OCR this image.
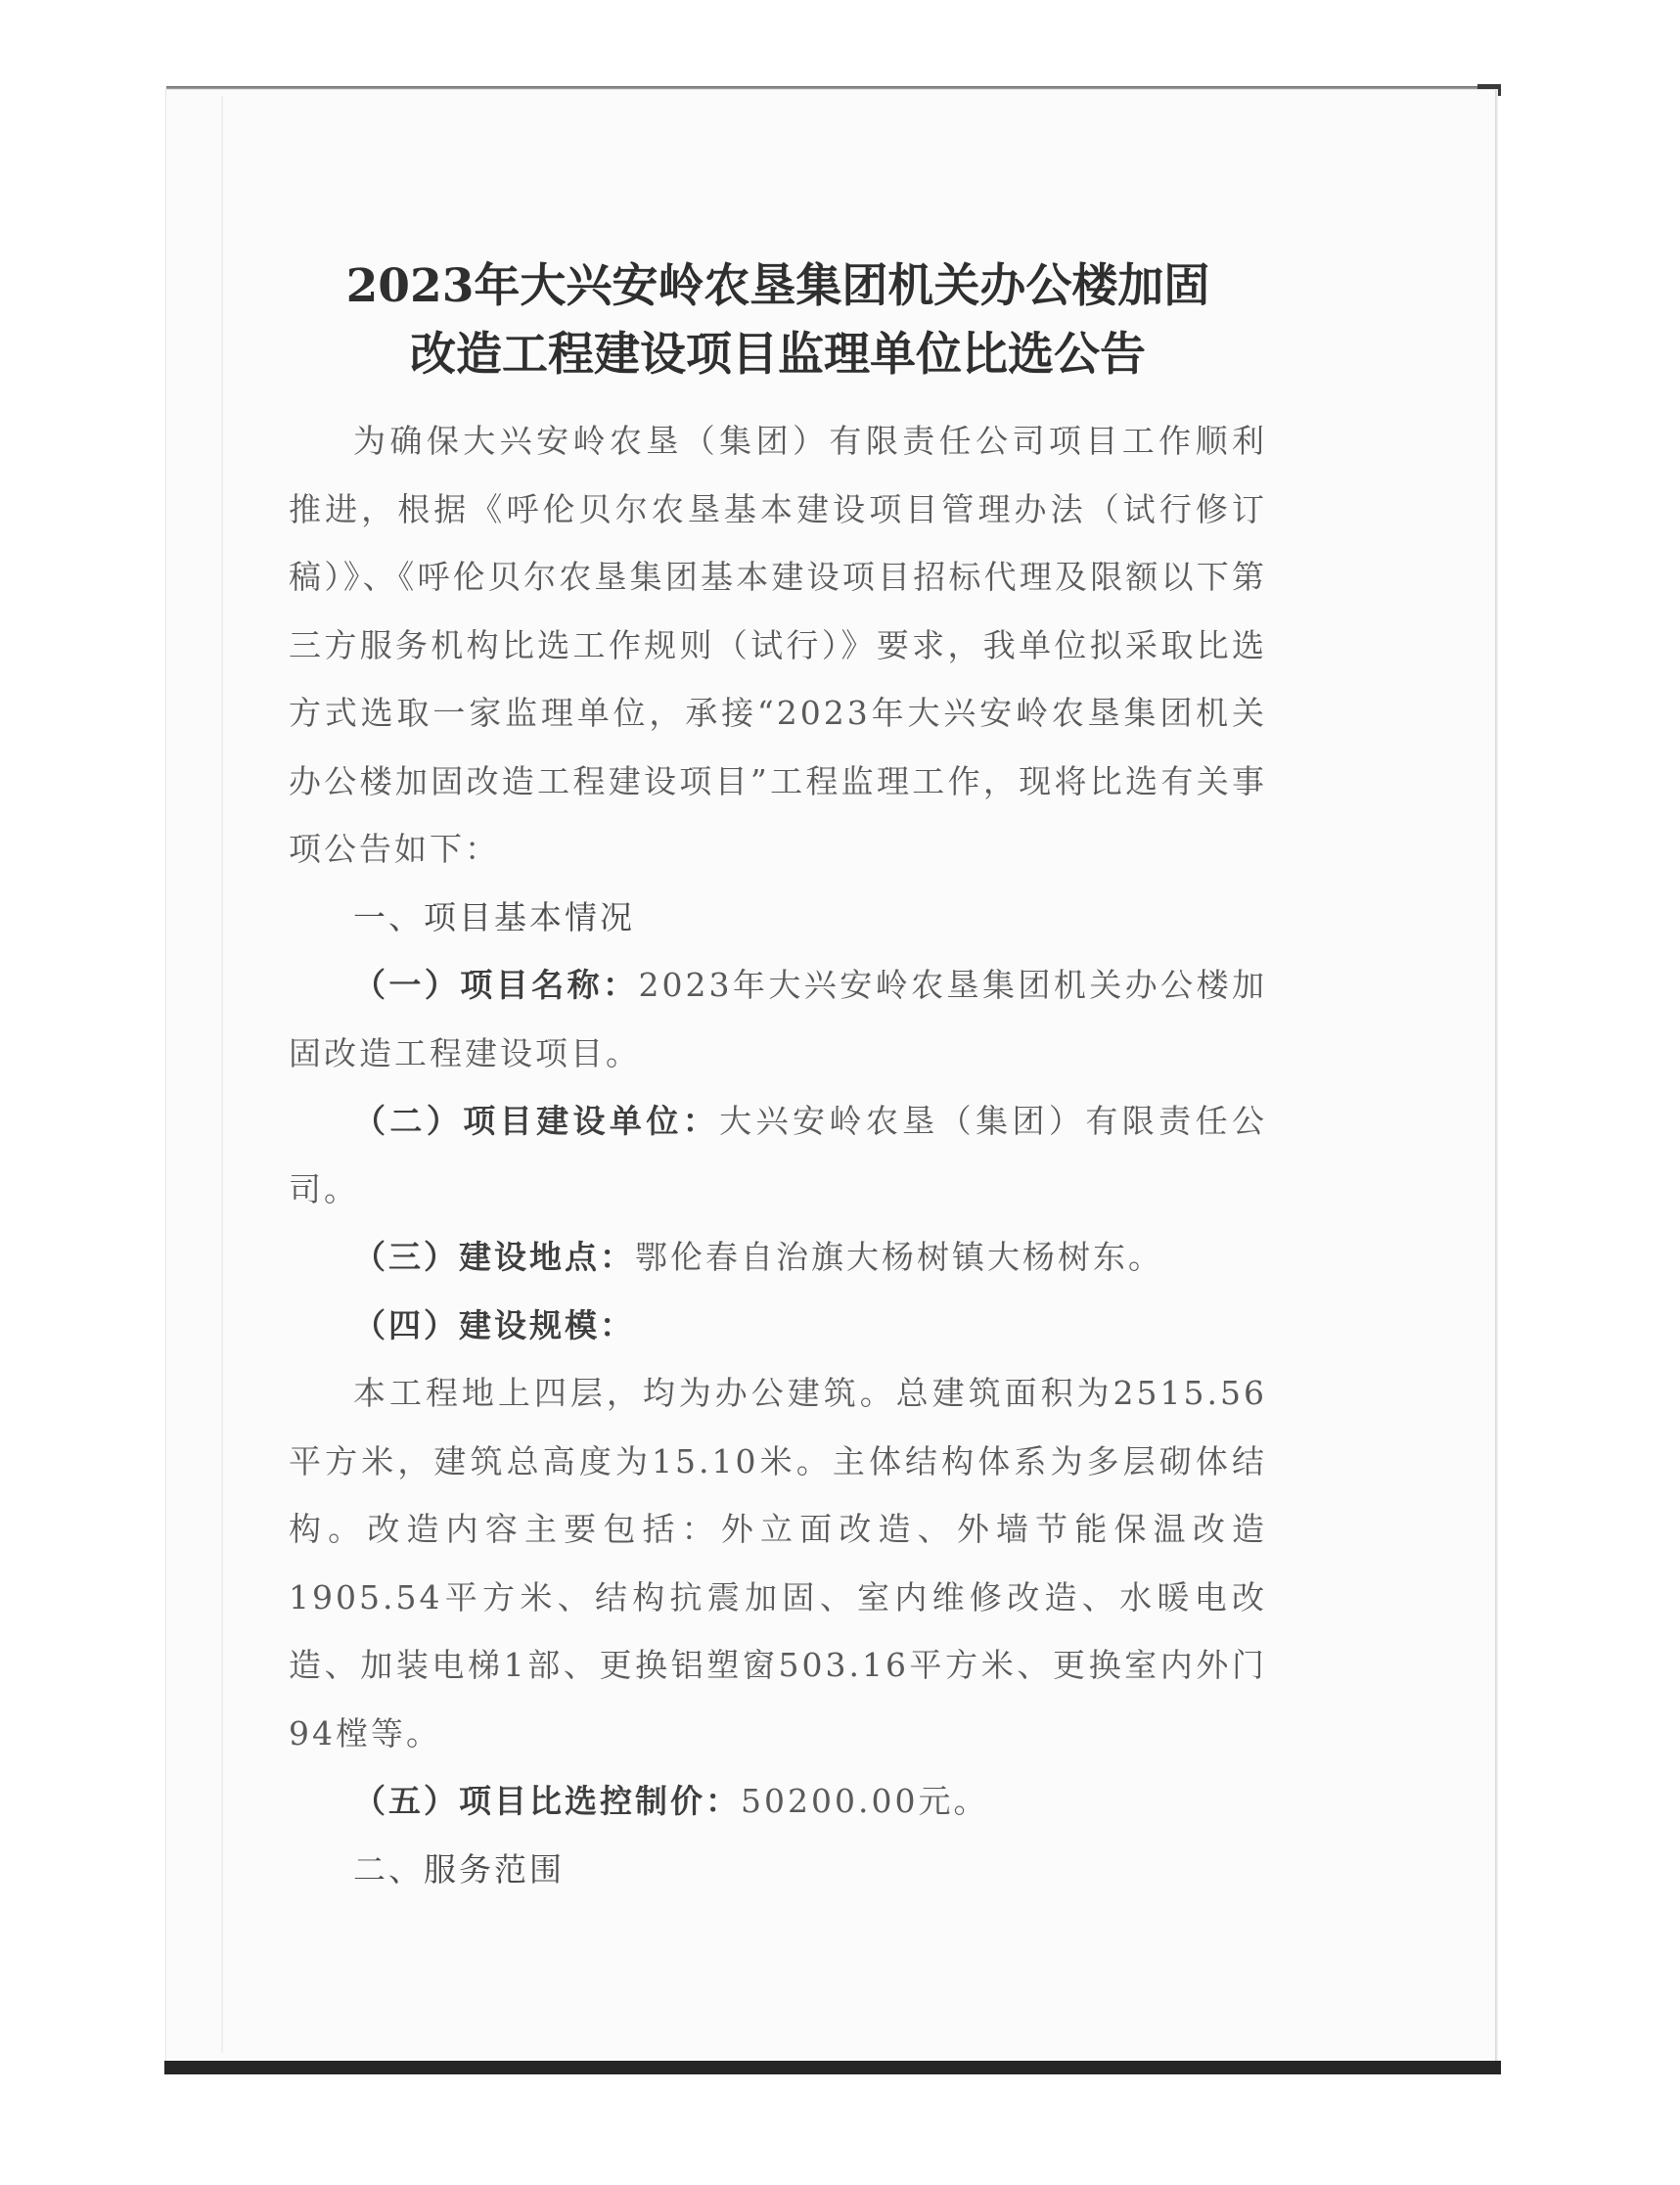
2023年大兴安岭农垦集团机关办公楼加固
改造工程建设项目监理单位比选公告

为确保大兴安岭农垦（集团）有限责任公司项目工作顺利推进，根据《呼伦贝尔农垦基本建设项目管理办法（试行修订稿）》、《呼伦贝尔农垦集团基本建设项目招标代理及限额以下第三方服务机构比选工作规则（试行）》要求，我单位拟采取比选方式选取一家监理单位，承接“2023年大兴安岭农垦集团机关办公楼加固改造工程建设项目”工程监理工作，现将比选有关事项公告如下：

一、项目基本情况

（一）项目名称：2023年大兴安岭农垦集团机关办公楼加固改造工程建设项目。

（二）项目建设单位：大兴安岭农垦（集团）有限责任公司。

（三）建设地点：鄂伦春自治旗大杨树镇大杨树东。

（四）建设规模：

本工程地上四层，均为办公建筑。总建筑面积为2515.56平方米，建筑总高度为15.10米。主体结构体系为多层砌体结构。改造内容主要包括：外立面改造、外墙节能保温改造1905.54平方米、结构抗震加固、室内维修改造、水暖电改造、加装电梯1部、更换铝塑窗503.16平方米、更换室内外门94樘等。

（五）项目比选控制价：50200.00元。

二、服务范围
